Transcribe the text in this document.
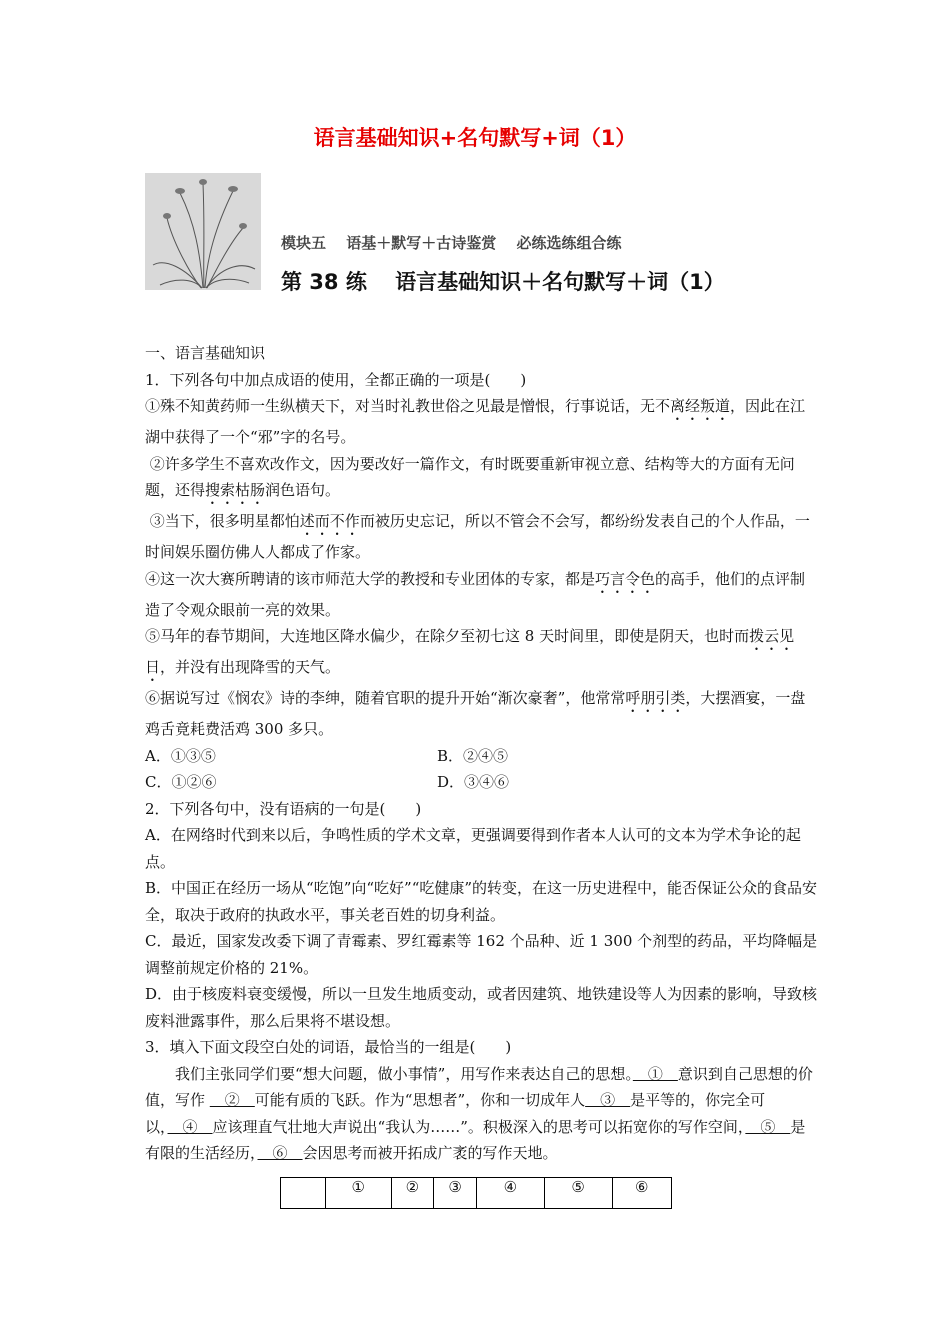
语言基础知识+名句默写+词（1）
模块五　 语基＋默写＋古诗鉴赏　 必练选练组合练
第 38 练　 语言基础知识＋名句默写＋词（1）

一、语言基础知识

1．下列各句中加点成语的使用，全都正确的一项是(　　)

①殊不知黄药师一生纵横天下，对当时礼教世俗之见最是憎恨，行事说话，无不离经叛道，因此在江湖中获得了一个“邪”字的名号。

②许多学生不喜欢改作文，因为要改好一篇作文，有时既要重新审视立意、结构等大的方面有无问题，还得搜索枯肠润色语句。

③当下，很多明星都怕述而不作而被历史忘记，所以不管会不会写，都纷纷发表自己的个人作品，一时间娱乐圈仿佛人人都成了作家。

④这一次大赛所聘请的该市师范大学的教授和专业团体的专家，都是巧言令色的高手，他们的点评制造了令观众眼前一亮的效果。

⑤马年的春节期间，大连地区降水偏少，在除夕至初七这 8 天时间里，即使是阴天，也时而拨云见日，并没有出现降雪的天气。

⑥据说写过《悯农》诗的李绅，随着官职的提升开始“渐次豪奢”，他常常呼朋引类，大摆酒宴，一盘鸡舌竟耗费活鸡 300 多只。

A．①③⑤	B．②④⑤
C．①②⑥	D．③④⑥

2．下列各句中，没有语病的一句是(　　)

A．在网络时代到来以后，争鸣性质的学术文章，更强调要得到作者本人认可的文本为学术争论的起点。

B．中国正在经历一场从“吃饱”向“吃好”“吃健康”的转变，在这一历史进程中，能否保证公众的食品安全，取决于政府的执政水平，事关老百姓的切身利益。

C．最近，国家发改委下调了青霉素、罗红霉素等 162 个品种、近 1 300 个剂型的药品，平均降幅是调整前规定价格的 21%。

D．由于核废料衰变缓慢，所以一旦发生地质变动，或者因建筑、地铁建设等人为因素的影响，导致核废料泄露事件，那么后果将不堪设想。

3．填入下面文段空白处的词语，最恰当的一组是(　　)

我们主张同学们要“想大问题，做小事情”，用写作来表达自己的思想。　①　意识到自己思想的价值，写作 　②　可能有质的飞跃。作为“思想者”，你和一切成年人　③　是平等的，你完全可以，　④　应该理直气壮地大声说出“我认为……”。积极深入的思考可以拓宽你的写作空间，　⑤　是有限的生活经历，　⑥　会因思考而被开拓成广袤的写作天地。

	①	②	③	④	⑤	⑥
